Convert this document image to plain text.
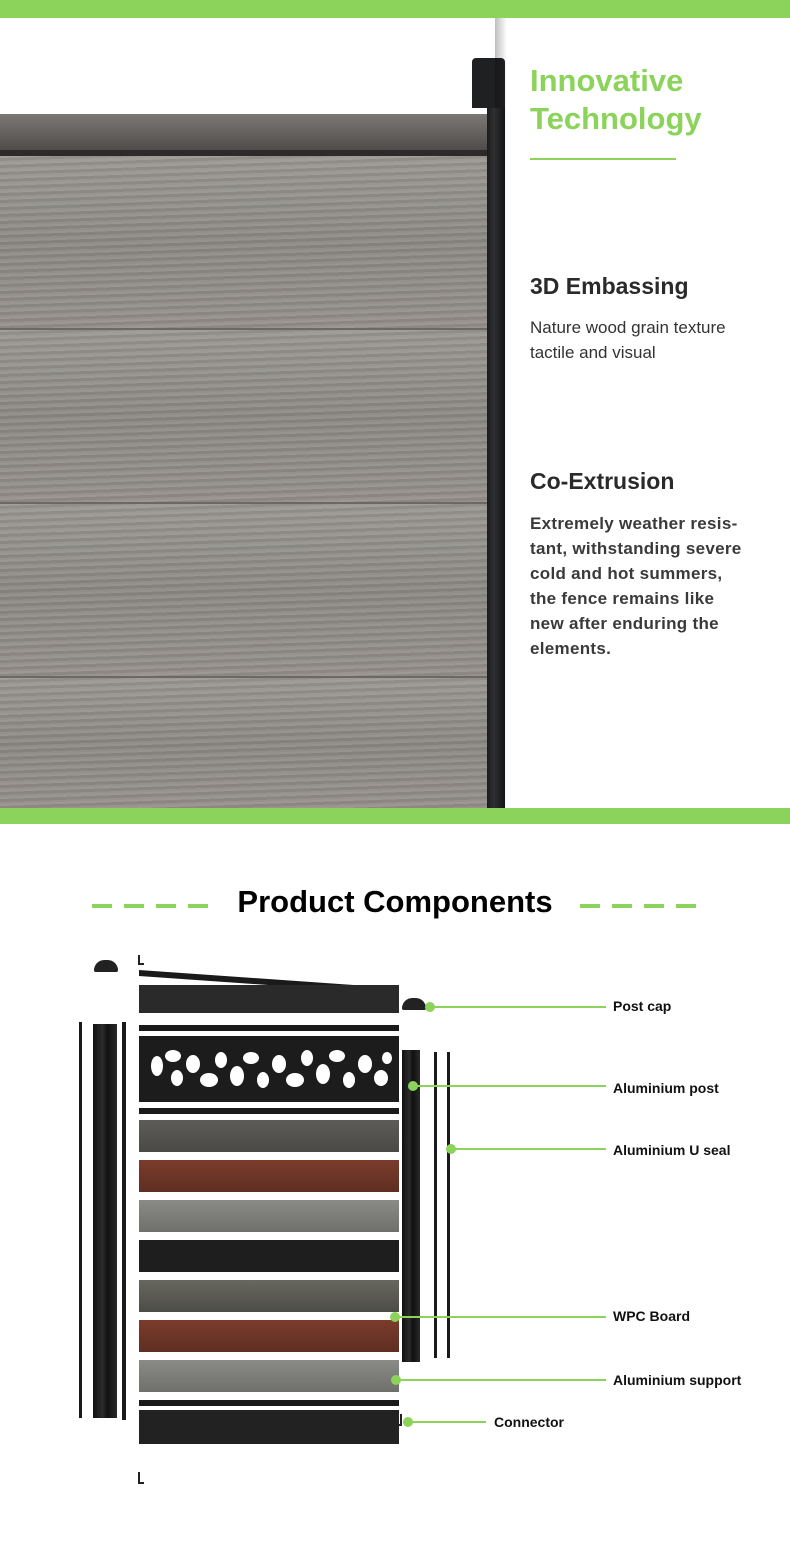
Innovative
Technology
3D Embassing
Nature wood grain texture
tactile and visual
Co-Extrusion
Extremely weather resis-
tant, withstanding severe
cold and hot summers,
the fence remains like
new after enduring the
elements.
Product Components
Post cap
Aluminium post
Aluminium U seal
WPC Board
Aluminium support
Connector
